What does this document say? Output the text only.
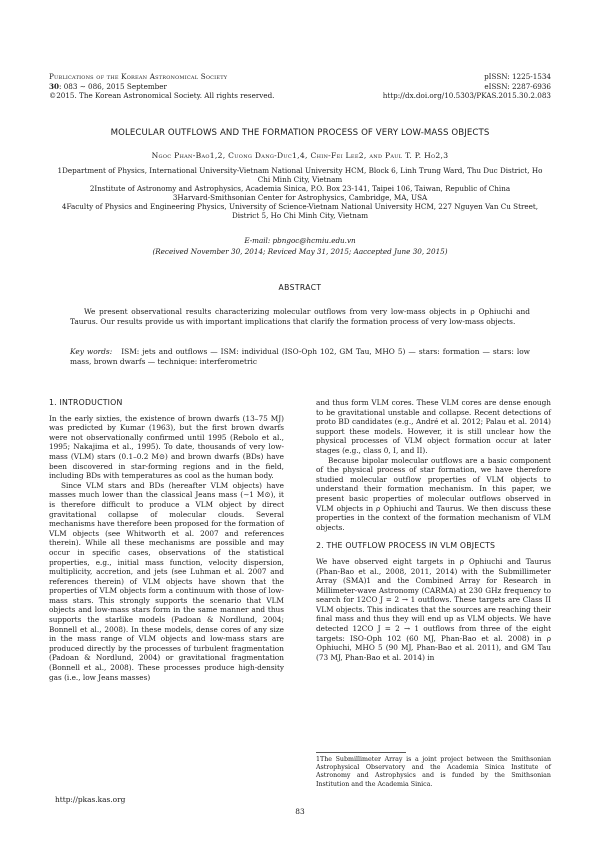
Publications of the Korean Astronomical Society
30: 083 ∼ 086, 2015 September
©2015. The Korean Astronomical Society. All rights reserved.
pISSN: 1225-1534
eISSN: 2287-6936
http://dx.doi.org/10.5303/PKAS.2015.30.2.083
MOLECULAR OUTFLOWS AND THE FORMATION PROCESS OF VERY LOW-MASS OBJECTS
Ngoc Phan-Bao1,2, Cuong Dang-Duc1,4, Chin-Fei Lee2, and Paul T. P. Ho2,3

1Department of Physics, International University-Vietnam National University HCM, Block 6, Linh Trung Ward, Thu Duc District, Ho Chi Minh City, Vietnam

2Institute of Astronomy and Astrophysics, Academia Sinica, P.O. Box 23-141, Taipei 106, Taiwan, Republic of China

3Harvard-Smithsonian Center for Astrophysics, Cambridge, MA, USA

4Faculty of Physics and Engineering Physics, University of Science-Vietnam National University HCM, 227 Nguyen Van Cu Street, District 5, Ho Chi Minh City, Vietnam

E-mail: pbngoc@hcmiu.edu.vn
(Received November 30, 2014; Reviced May 31, 2015; Aaccepted June 30, 2015)
ABSTRACT
We present observational results characterizing molecular outflows from very low-mass objects in ρ Ophiuchi and Taurus. Our results provide us with important implications that clarify the formation process of very low-mass objects.
Key words: ISM: jets and outflows — ISM: individual (ISO-Oph 102, GM Tau, MHO 5) — stars: formation — stars: low mass, brown dwarfs — technique: interferometric
1. INTRODUCTION

In the early sixties, the existence of brown dwarfs (13–75 MJ) was predicted by Kumar (1963), but the first brown dwarfs were not observationally confirmed until 1995 (Rebolo et al., 1995; Nakajima et al., 1995). To date, thousands of very low-mass (VLM) stars (0.1–0.2 M⊙) and brown dwarfs (BDs) have been discovered in star-forming regions and in the field, including BDs with temperatures as cool as the human body.

Since VLM stars and BDs (hereafter VLM objects) have masses much lower than the classical Jeans mass (∼1 M⊙), it is therefore difficult to produce a VLM object by direct gravitational collapse of molecular clouds. Several mechanisms have therefore been proposed for the formation of VLM objects (see Whitworth et al. 2007 and references therein). While all these mechanisms are possible and may occur in specific cases, observations of the statistical properties, e.g., initial mass function, velocity dispersion, multiplicity, accretion, and jets (see Luhman et al. 2007 and references therein) of VLM objects have shown that the properties of VLM objects form a continuum with those of low-mass stars. This strongly supports the scenario that VLM objects and low-mass stars form in the same manner and thus supports the starlike models (Padoan & Nordlund, 2004; Bonnell et al., 2008). In these models, dense cores of any size in the mass range of VLM objects and low-mass stars are produced directly by the processes of turbulent fragmentation (Padoan & Nordlund, 2004) or gravitational fragmentation (Bonnell et al., 2008). These processes produce high-density gas (i.e., low Jeans masses)

and thus form VLM cores. These VLM cores are dense enough to be gravitational unstable and collapse. Recent detections of proto BD candidates (e.g., André et al. 2012; Palau et al. 2014) support these models. However, it is still unclear how the physical processes of VLM object formation occur at later stages (e.g., class 0, I, and II).

Because bipolar molecular outflows are a basic component of the physical process of star formation, we have therefore studied molecular outflow properties of VLM objects to understand their formation mechanism. In this paper, we present basic properties of molecular outflows observed in VLM objects in ρ Ophiuchi and Taurus. We then discuss these properties in the context of the formation mechanism of VLM objects.

2. THE OUTFLOW PROCESS IN VLM OBJECTS

We have observed eight targets in ρ Ophiuchi and Taurus (Phan-Bao et al., 2008, 2011, 2014) with the Submillimeter Array (SMA)1 and the Combined Array for Research in Millimeter-wave Astronomy (CARMA) at 230 GHz frequency to search for 12CO J = 2 → 1 outflows. These targets are Class II VLM objects. This indicates that the sources are reaching their final mass and thus they will end up as VLM objects. We have detected 12CO J = 2 → 1 outflows from three of the eight targets: ISO-Oph 102 (60 MJ, Phan-Bao et al. 2008) in ρ Ophiuchi, MHO 5 (90 MJ, Phan-Bao et al. 2011), and GM Tau (73 MJ, Phan-Bao et al. 2014) in

1The Submillimeter Array is a joint project between the Smithsonian Astrophysical Observatory and the Academia Sinica Institute of Astronomy and Astrophysics and is funded by the Smithsonian Institution and the Academia Sinica.
http://pkas.kas.org
83
